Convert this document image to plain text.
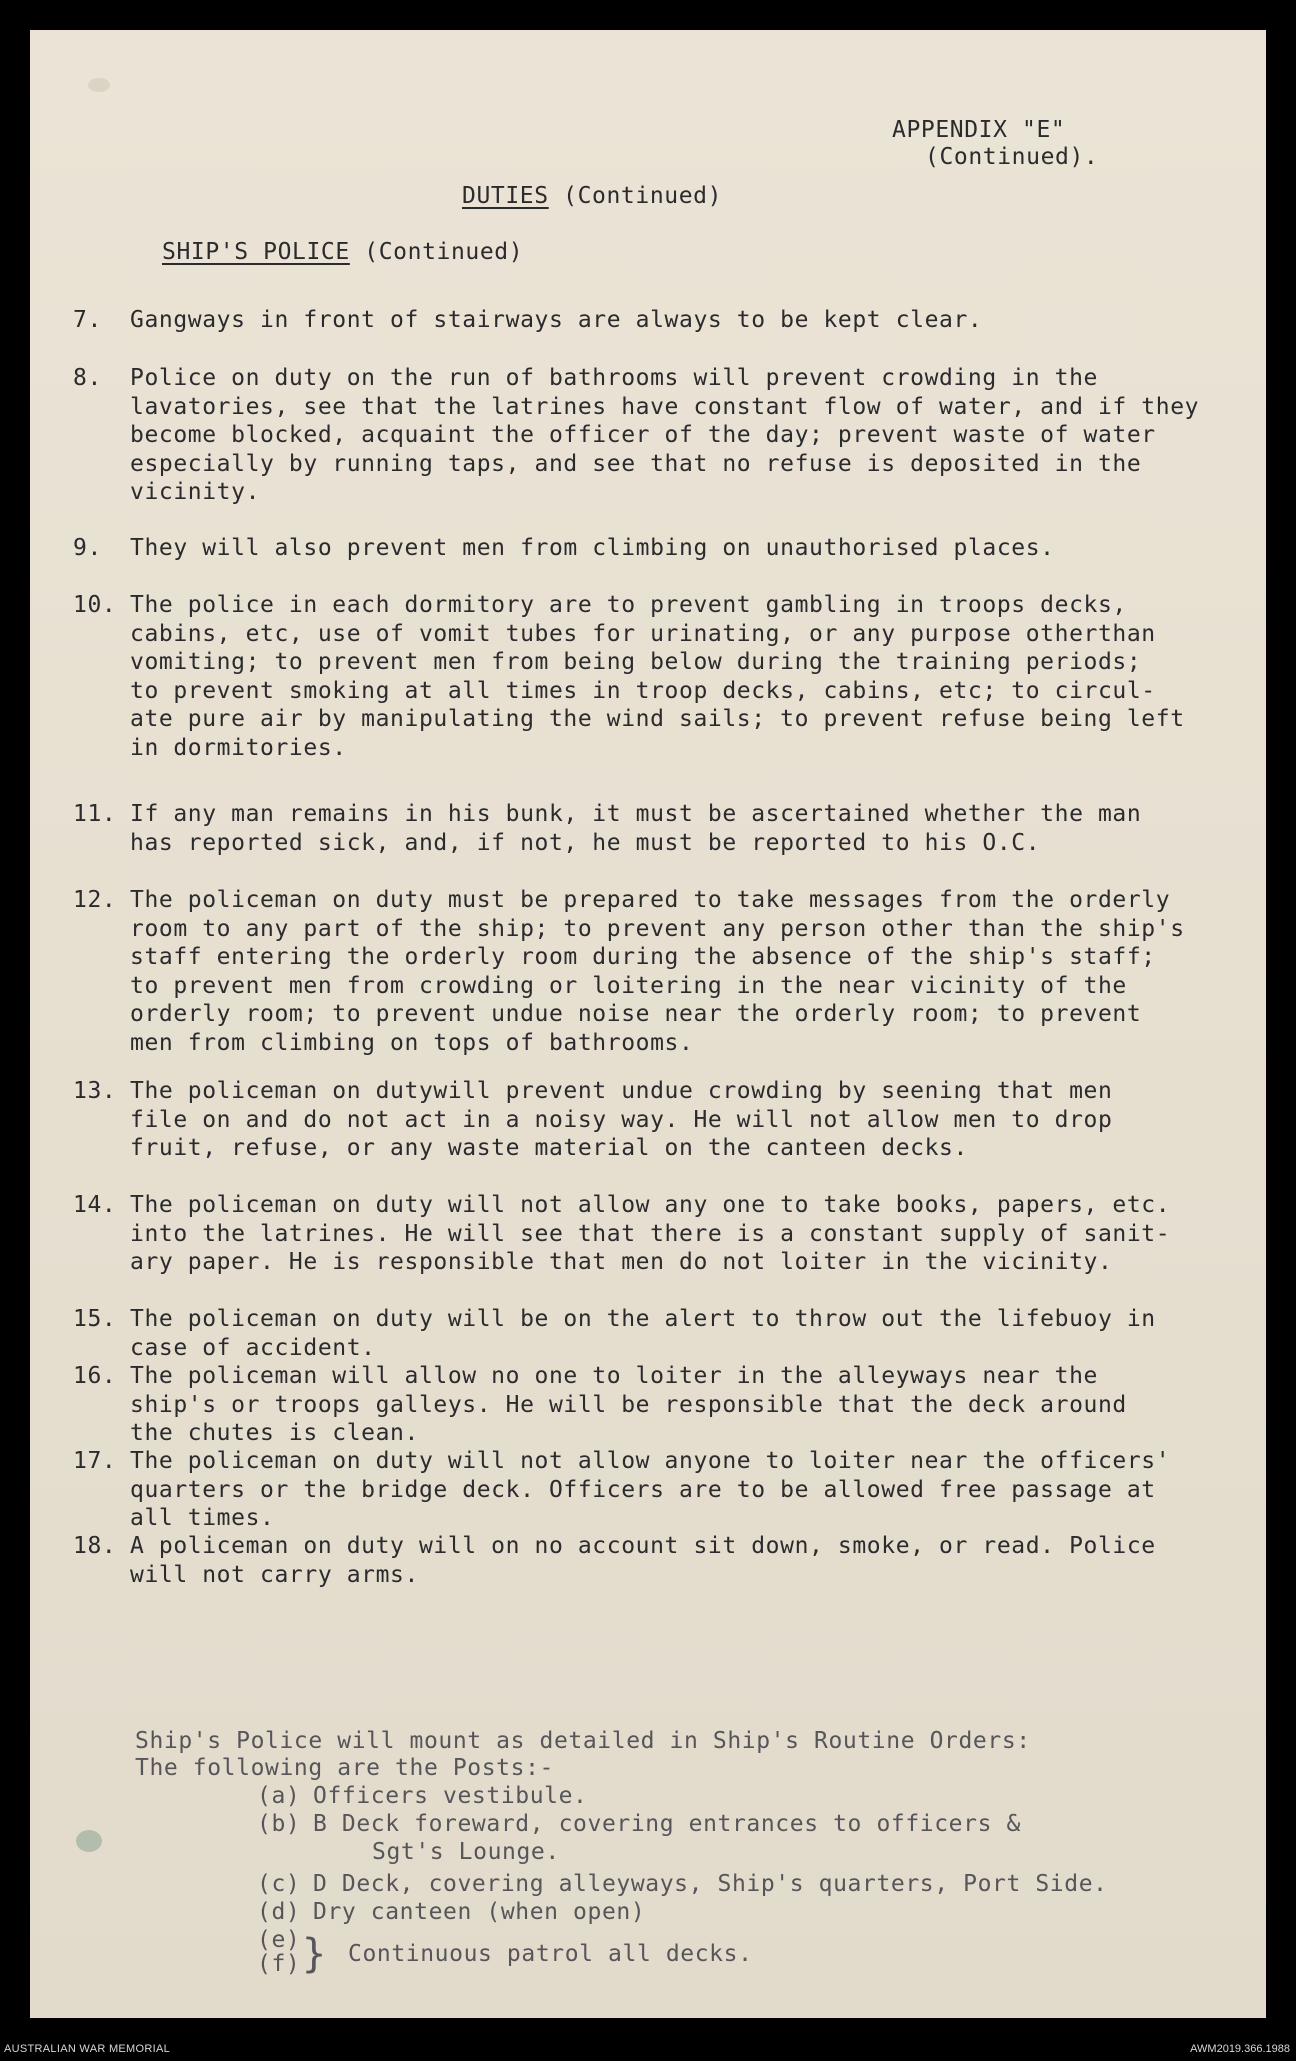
APPENDIX "E"
(Continued).
DUTIES (Continued)
SHIP'S POLICE (Continued)
7.	Gangways in front of stairways are always to be kept clear.
8.	Police on duty on the run of bathrooms will prevent crowding in the
lavatories, see that the latrines have constant flow of water, and if they
become blocked, acquaint the officer of the day; prevent waste of water
especially by running taps, and see that no refuse is deposited in the
vicinity.
9.	They will also prevent men from climbing on unauthorised places.
10. The police in each dormitory are to prevent gambling in troops decks,
cabins, etc, use of vomit tubes for urinating, or any purpose otherthan
vomiting; to prevent men from being below during the training periods;
to prevent smoking at all times in troop decks, cabins, etc; to circul-
ate pure air by manipulating the wind sails; to prevent refuse being left
in dormitories.
11. If any man remains in his bunk, it must be ascertained whether the man
has reported sick, and, if not, he must be reported to his O.C.
12. The policeman on duty must be prepared to take messages from the orderly
room to any part of the ship; to prevent any person other than the ship's
staff entering the orderly room during the absence of the ship's staff;
to prevent men from crowding or loitering in the near vicinity of the
orderly room; to prevent undue noise near the orderly room; to prevent
men from climbing on tops of bathrooms.
13. The policeman on dutywill prevent undue crowding by seening that men
file on and do not act in a noisy way. He will not allow men to drop
fruit, refuse, or any waste material on the canteen decks.
14. The policeman on duty will not allow any one to take books, papers, etc.
into the latrines. He will see that there is a constant supply of sanit-
ary paper. He is responsible that men do not loiter in the vicinity.
15. The policeman on duty will be on the alert to throw out the lifebuoy in
case of accident.
16. The policeman will allow no one to loiter in the alleyways near the
ship's or troops galleys. He will be responsible that the deck around
the chutes is clean.
17. The policeman on duty will not allow anyone to loiter near the officers'
quarters or the bridge deck. Officers are to be allowed free passage at
all times.
18. A policeman on duty will on no account sit down, smoke, or read. Police
will not carry arms.
Ship's Police will mount as detailed in Ship's Routine Orders:
The following are the Posts:-
(a) Officers vestibule.
(b) B Deck foreward, covering entrances to officers &
Sgt's Lounge.
(c) D Deck, covering alleyways, Ship's quarters, Port Side.
(d) Dry canteen (when open)
(e)
(f) } Continuous patrol all decks.
AUSTRALIAN WAR MEMORIAL	AWM2019.366.1988
